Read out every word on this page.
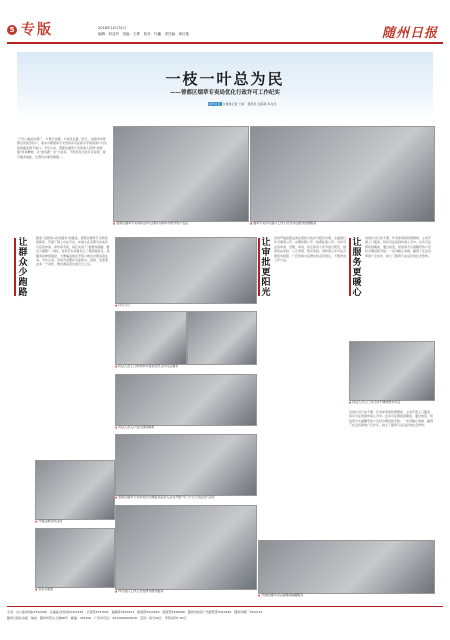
5 专版	2018年10月31日
编辑：何亚玲　美编：王彬　校对：代巍　责任编：徐红艳	随州日报
一枝一叶总为民
——曾都区烟草专卖局优化行政许可工作纪实
随州日报 全媒体记者 王彬　通讯员 张海燕 李兆龙
“不出门就能办理了，方便又快捷，为市民点赞。”近日，在随州市曾都区的某零售户，前来办理烟草专卖零售许可证新办手续的商户对该局的服务赞不绝口。今年以来，曾都区烟草专卖局深入贯彻“放管服”改革精神，以“最多跑一次”为目标，不断优化行政许可流程，提升服务效能，让群众办事更便捷……
▲ 曾都区烟草专卖局执法中心现场为新申办的零售户发证	▲ 烟草专卖许可窗口工作人员为办证群众热情服务
让群众少跑路
随着“互联网+政务服务”的推进，曾都区烟草专卖局积极探索，开通了网上办证平台，申请人在家即可完成许可证的申请、审核等手续，真正实现了“数据多跑路、群众少跑腿”。同时，该局还在各镇设立了便民服务点，将服务延伸到基层，方便偏远地区零售户就近办理各项业务。今年以来，该局共受理许可证新办、延续、变更等业务一千余件，群众满意度达到百分之百。
▲ 许可大厅
▲ 执法人员上门核实申办者是否符合许可证要求
▲ 执法人员入户进行现场勘验
▲ 开展法制宣传活动
▲ 农家书屋里
▲ 曾都区烟草专卖局党员志愿服务队深入企业开展“学习十九大进企业”活动
▲ 许可窗口工作人员热情为群众服务
让审批更阳光
该局严格按照法律法规和行政许可程序办事，全面推行许可事项公开、办理时限公开、收费标准公开。对许可证的申请、受理、审查、决定等各个环节进行规范，做到依法审批、公正审批、阳光审批。同时建立许可证办理回访制度，广泛听取办证群众的意见建议，不断改进工作方法。
让服务更暖心
该局针对行动不便、年老体弱等特殊群体，主动开展上门服务，将许可证送到申请人手中。在许可证即将到期前，通过电话、短信等方式提醒零售户及时办理延续手续。一系列暖心举措，赢得了社会各界的广泛好评，树立了烟草行业良好的社会形象。
▲ 执法人员上门为行动不便的群众办证
该局针对行动不便、年老体弱等特殊群体，主动开展上门服务，将许可证送到申请人手中。在许可证即将到期前，通过电话、短信等方式提醒零售户及时办理延续手续。一系列暖心举措，赢得了社会各界的广泛好评，树立了烟草行业良好的社会形象。
▲ 开展检测许可证到期前提醒服务
专卖：办公室(传真)3310396　总编室(含传真)3327167　记者部3327641　编辑部3327913　新闻部3310426　经营部3318286　随州市政府广告经营部3310194　随州印刷厂3310121
随州日报社出版　地址：随州市烈山大道98号　邮编：441300　广告许可证：4213004000016　定价：每月30元　零售每份1.00元
